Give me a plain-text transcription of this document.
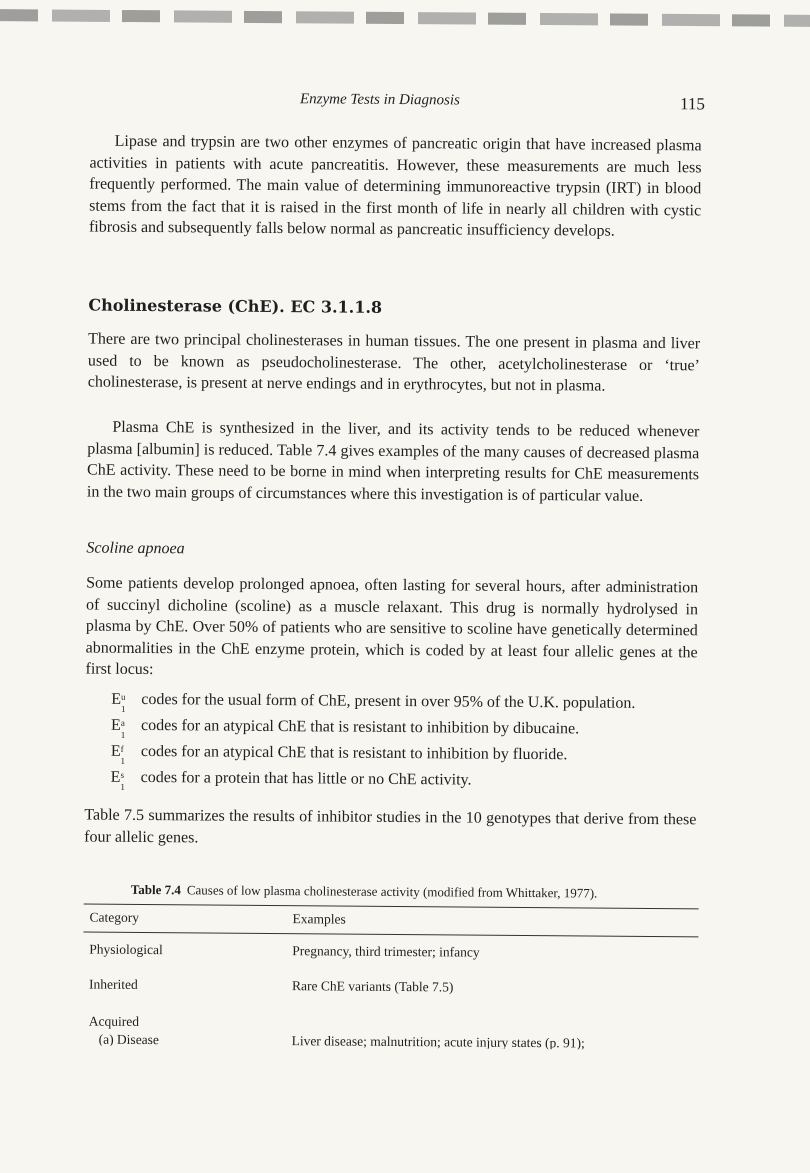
Enzyme Tests in Diagnosis	115

Lipase and trypsin are two other enzymes of pancreatic origin that have increased plasma activities in patients with acute pancreatitis. However, these measurements are much less frequently performed. The main value of determining immunoreactive trypsin (IRT) in blood stems from the fact that it is raised in the first month of life in nearly all children with cystic fibrosis and subsequently falls below normal as pancreatic insufficiency develops.

Cholinesterase (ChE). EC 3.1.1.8

There are two principal cholinesterases in human tissues. The one present in plasma and liver used to be known as pseudocholinesterase. The other, acetylcholinesterase or ‘true’ cholinesterase, is present at nerve endings and in erythrocytes, but not in plasma.

Plasma ChE is synthesized in the liver, and its activity tends to be reduced whenever plasma [albumin] is reduced. Table 7.4 gives examples of the many causes of decreased plasma ChE activity. These need to be borne in mind when interpreting results for ChE measurements in the two main groups of circumstances where this investigation is of particular value.

Scoline apnoea

Some patients develop prolonged apnoea, often lasting for several hours, after administration of succinyl dicholine (scoline) as a muscle relaxant. This drug is normally hydrolysed in plasma by ChE. Over 50% of patients who are sensitive to scoline have genetically determined abnormalities in the ChE enzyme protein, which is coded by at least four allelic genes at the first locus:

E u
1 codes for the usual form of ChE, present in over 95% of the U.K. population.

E a
1 codes for an atypical ChE that is resistant to inhibition by dibucaine.

E f
1 codes for an atypical ChE that is resistant to inhibition by fluoride.

E s
1 codes for a protein that has little or no ChE activity.

Table 7.5 summarizes the results of inhibitor studies in the 10 genotypes that derive from these four allelic genes.

Table 7.4 Causes of low plasma cholinesterase activity (modified from Whittaker, 1977).
Category	Examples
Physiological	Pregnancy, third trimester; infancy
Inherited	Rare ChE variants (Table 7.5)
Acquired
(a) Disease	Liver disease; malnutrition; acute injury states (p. 91);
